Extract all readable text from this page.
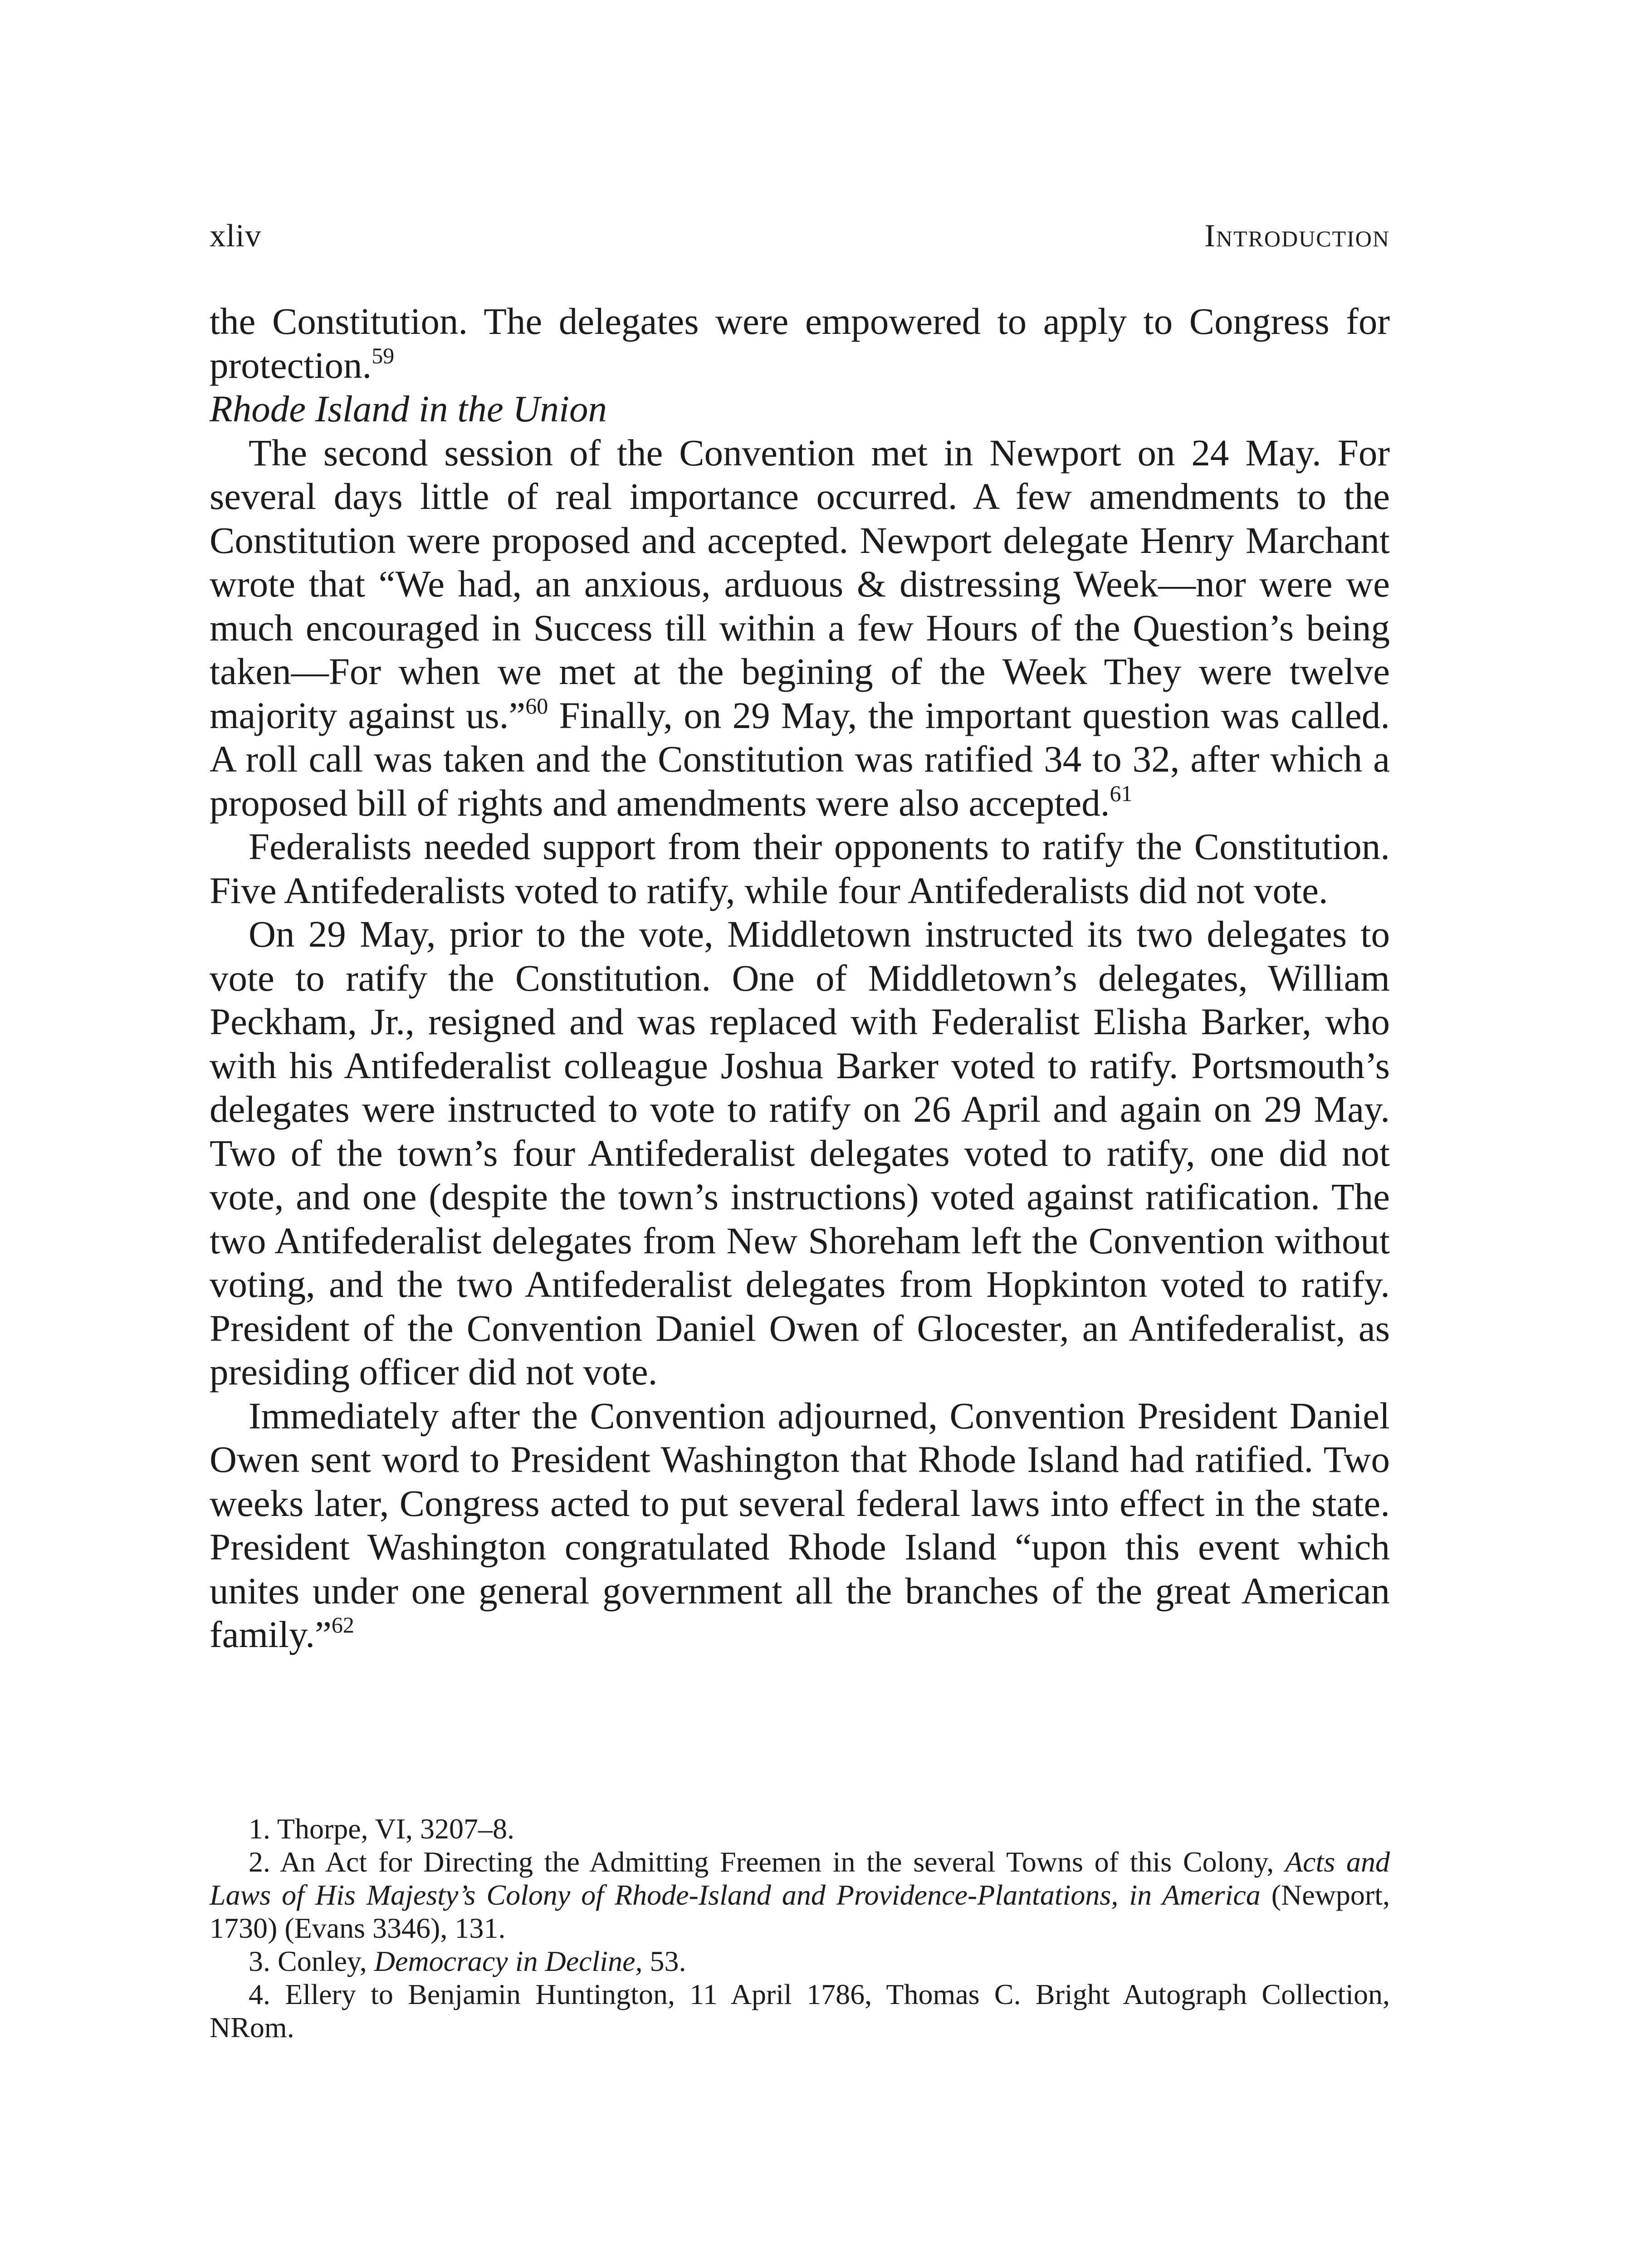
xliv	Introduction

the Constitution. The delegates were empowered to apply to Congress for protection.$^{59}$

Rhode Island in the Union

The second session of the Convention met in Newport on 24 May. For several days little of real importance occurred. A few amendments to the Constitution were proposed and accepted. Newport delegate Henry Marchant wrote that “We had, an anxious, arduous & distressing Week—nor were we much encouraged in Success till within a few Hours of the Question’s being taken—For when we met at the begining of the Week They were twelve majority against us.”$^{60}$ Finally, on 29 May, the important question was called. A roll call was taken and the Constitution was ratified 34 to 32, after which a proposed bill of rights and amendments were also accepted.$^{61}$

Federalists needed support from their opponents to ratify the Constitution. Five Antifederalists voted to ratify, while four Antifederalists did not vote.

On 29 May, prior to the vote, Middletown instructed its two delegates to vote to ratify the Constitution. One of Middletown’s delegates, William Peckham, Jr., resigned and was replaced with Federalist Elisha Barker, who with his Antifederalist colleague Joshua Barker voted to ratify. Portsmouth’s delegates were instructed to vote to ratify on 26 April and again on 29 May. Two of the town’s four Antifederalist delegates voted to ratify, one did not vote, and one (despite the town’s instructions) voted against ratification. The two Antifederalist delegates from New Shoreham left the Convention without voting, and the two Antifederalist delegates from Hopkinton voted to ratify. President of the Convention Daniel Owen of Glocester, an Antifederalist, as presiding officer did not vote.

Immediately after the Convention adjourned, Convention President Daniel Owen sent word to President Washington that Rhode Island had ratified. Two weeks later, Congress acted to put several federal laws into effect in the state. President Washington congratulated Rhode Island “upon this event which unites under one general government all the branches of the great American family.”$^{62}$

1. Thorpe, VI, 3207–8.

2. An Act for Directing the Admitting Freemen in the several Towns of this Colony, Acts and Laws of His Majesty’s Colony of Rhode-Island and Providence-Plantations, in America (Newport, 1730) (Evans 3346), 131.

3. Conley, Democracy in Decline, 53.

4. Ellery to Benjamin Huntington, 11 April 1786, Thomas C. Bright Autograph Collection, NRom.
